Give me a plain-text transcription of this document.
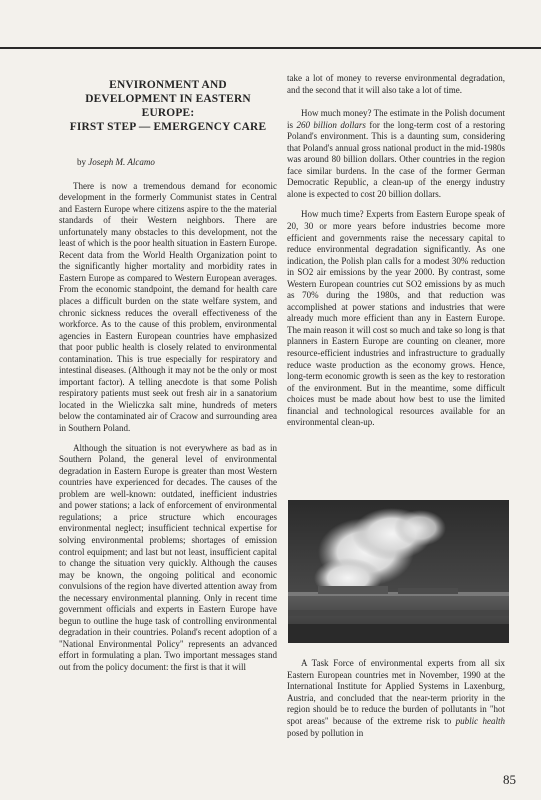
ENVIRONMENT AND
DEVELOPMENT IN EASTERN
EUROPE:
FIRST STEP — EMERGENCY CARE
by Joseph M. Alcamo

There is now a tremendous demand for economic development in the formerly Communist states in Central and Eastern Europe where citizens aspire to the the material standards of their Western neighbors. There are unfortunately many obstacles to this development, not the least of which is the poor health situation in Eastern Europe. Recent data from the World Health Organization point to the significantly higher mortality and morbidity rates in Eastern Europe as compared to Western European averages. From the economic standpoint, the demand for health care places a difficult burden on the state welfare system, and chronic sickness reduces the overall effectiveness of the workforce. As to the cause of this problem, environmental agencies in Eastern European countries have emphasized that poor public health is closely related to environmental contamination. This is true especially for respiratory and intestinal diseases. (Although it may not be the only or most important factor). A telling anecdote is that some Polish respiratory patients must seek out fresh air in a sanatorium located in the Wieliczka salt mine, hundreds of meters below the contaminated air of Cracow and surrounding area in Southern Poland.

Although the situation is not everywhere as bad as in Southern Poland, the general level of environmental degradation in Eastern Europe is greater than most Western countries have experienced for decades. The causes of the problem are well-known: outdated, inefficient industries and power stations; a lack of enforcement of environmental regulations; a price structure which encourages environmental neglect; insufficient technical expertise for solving environmental problems; shortages of emission control equipment; and last but not least, insufficient capital to change the situation very quickly. Although the causes may be known, the ongoing political and economic convulsions of the region have diverted attention away from the necessary environmental planning. Only in recent time government officials and experts in Eastern Europe have begun to outline the huge task of controlling environmental degradation in their countries. Poland's recent adoption of a "National Environmental Policy" represents an advanced effort in formulating a plan. Two important messages stand out from the policy document: the first is that it will

take a lot of money to reverse environmental degradation, and the second that it will also take a lot of time.

How much money? The estimate in the Polish document is 260 billion dollars for the long-term cost of a restoring Poland's environment. This is a daunting sum, considering that Poland's annual gross national product in the mid-1980s was around 80 billion dollars. Other countries in the region face similar burdens. In the case of the former German Democratic Republic, a clean-up of the energy industry alone is expected to cost 20 billion dollars.

How much time? Experts from Eastern Europe speak of 20, 30 or more years before industries become more efficient and governments raise the necessary capital to reduce environmental degradation significantly. As one indication, the Polish plan calls for a modest 30% reduction in SO2 air emissions by the year 2000. By contrast, some Western European countries cut SO2 emissions by as much as 70% during the 1980s, and that reduction was accomplished at power stations and industries that were already much more efficient than any in Eastern Europe. The main reason it will cost so much and take so long is that planners in Eastern Europe are counting on cleaner, more resource-efficient industries and infrastructure to gradually reduce waste production as the economy grows. Hence, long-term economic growth is seen as the key to restoration of the environment. But in the meantime, some difficult choices must be made about how best to use the limited financial and technological resources available for an environmental clean-up.

A Task Force of environmental experts from all six Eastern European countries met in November, 1990 at the International Institute for Applied Systems in Laxenburg, Austria, and concluded that the near-term priority in the region should be to reduce the burden of pollutants in "hot spot areas" because of the extreme risk to public health posed by pollution in

85
